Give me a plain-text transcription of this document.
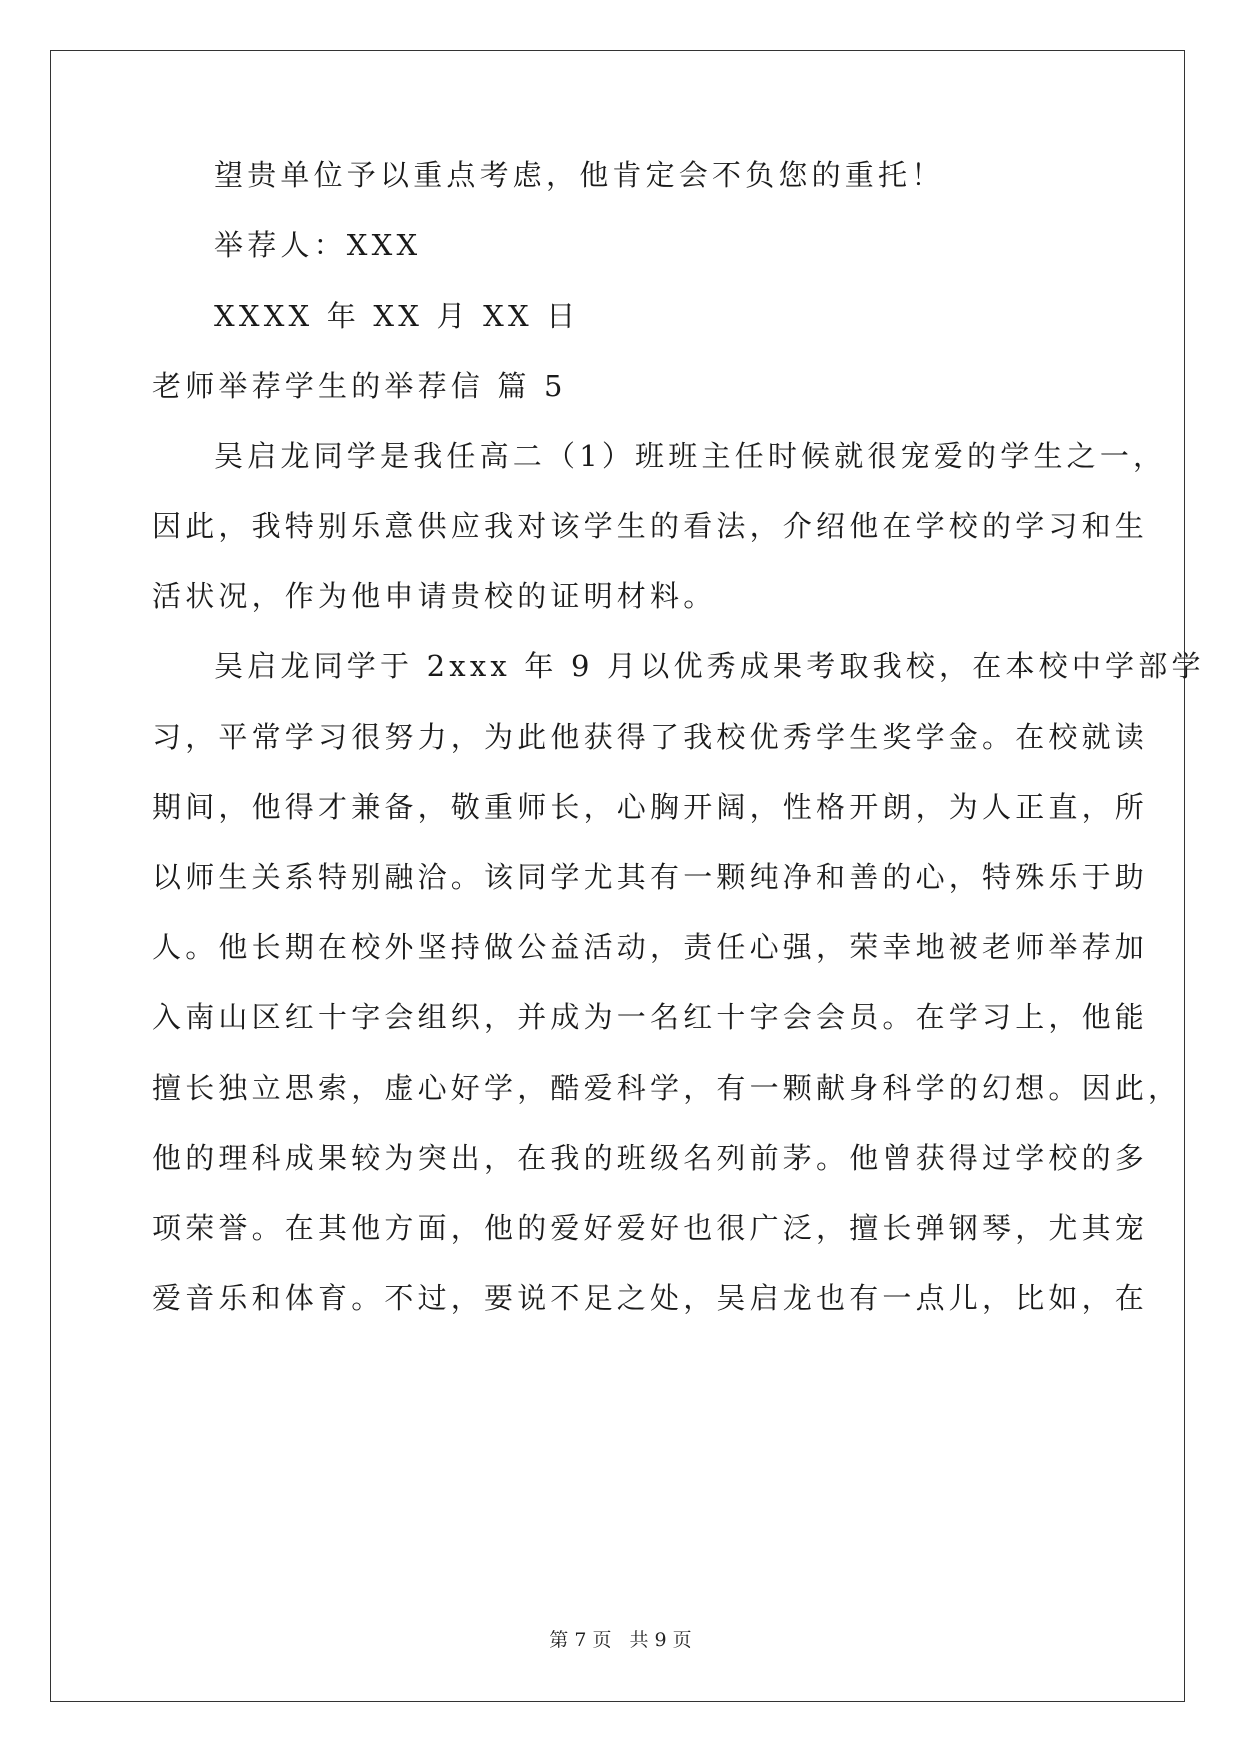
望贵单位予以重点考虑，他肯定会不负您的重托！
举荐人：XXX
XXXX 年 XX 月 XX 日
老师举荐学生的举荐信 篇 5
吴启龙同学是我任高二（1）班班主任时候就很宠爱的学生之一，
因此，我特别乐意供应我对该学生的看法，介绍他在学校的学习和生
活状况，作为他申请贵校的证明材料。
吴启龙同学于 2xxx 年 9 月以优秀成果考取我校，在本校中学部学
习，平常学习很努力，为此他获得了我校优秀学生奖学金。在校就读
期间，他得才兼备，敬重师长，心胸开阔，性格开朗，为人正直，所
以师生关系特别融洽。该同学尤其有一颗纯净和善的心，特殊乐于助
人。他长期在校外坚持做公益活动，责任心强，荣幸地被老师举荐加
入南山区红十字会组织，并成为一名红十字会会员。在学习上，他能
擅长独立思索，虚心好学，酷爱科学，有一颗献身科学的幻想。因此，
他的理科成果较为突出，在我的班级名列前茅。他曾获得过学校的多
项荣誉。在其他方面，他的爱好爱好也很广泛，擅长弹钢琴，尤其宠
爱音乐和体育。不过，要说不足之处，吴启龙也有一点儿，比如，在
第 7 页 共 9 页
